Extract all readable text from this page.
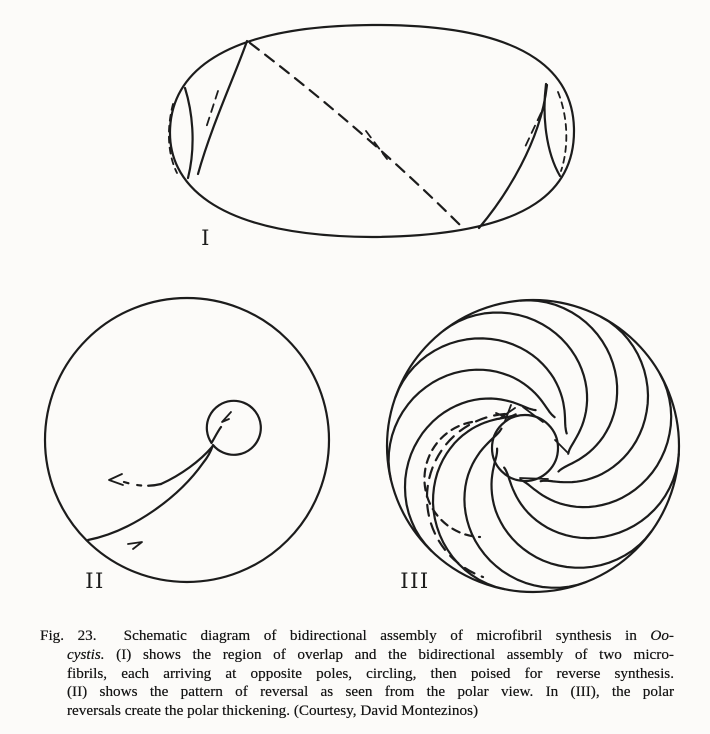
I
II	III
Fig. 23.  Schematic diagram of bidirectional assembly of microfibril synthesis in Oo-
cystis. (I) shows the region of overlap and the bidirectional assembly of two micro-
fibrils, each arriving at opposite poles, circling, then poised for reverse synthesis.
(II) shows the pattern of reversal as seen from the polar view. In (III), the polar
reversals create the polar thickening. (Courtesy, David Montezinos)
